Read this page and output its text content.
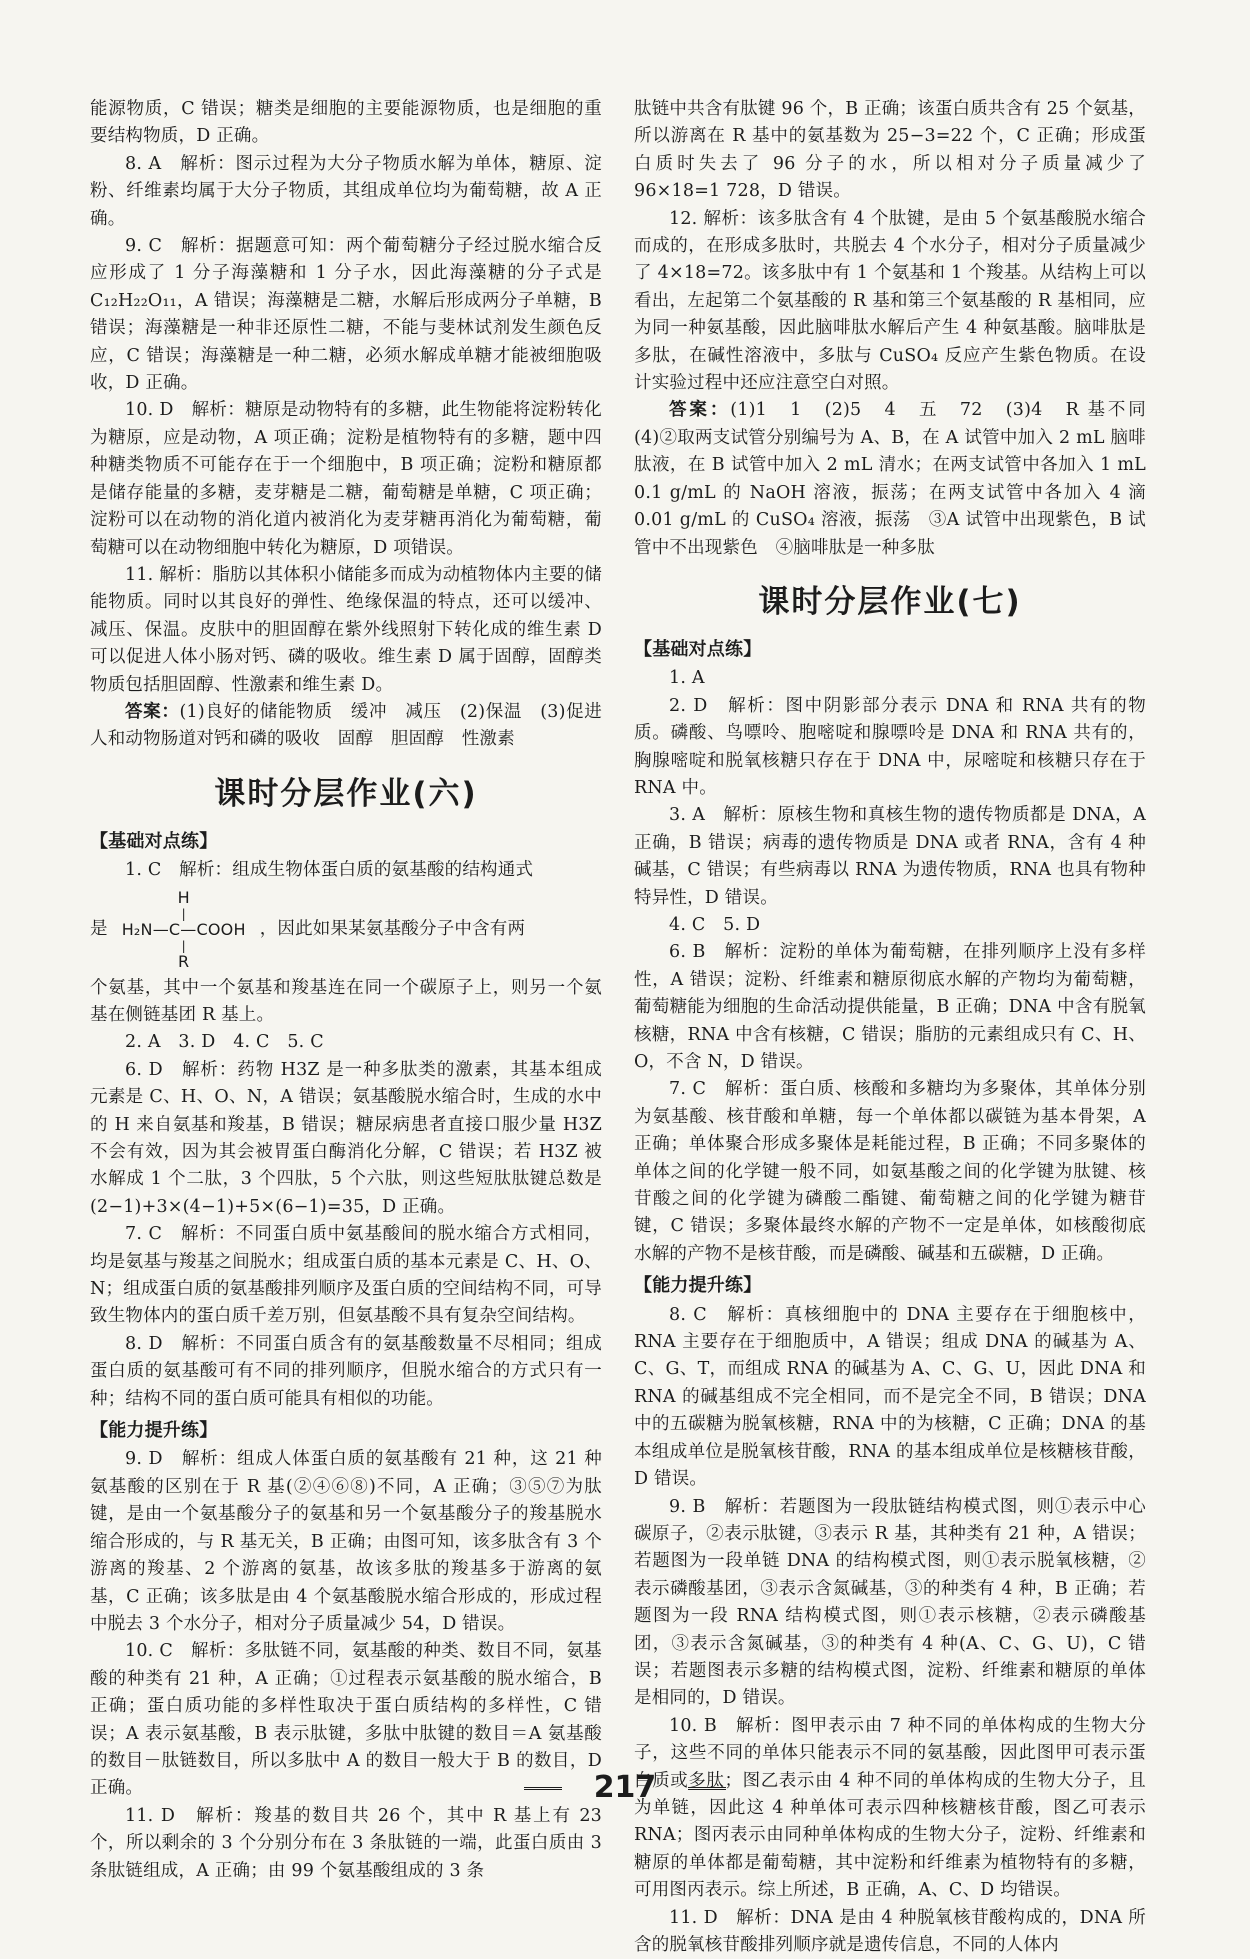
能源物质，C 错误；糖类是细胞的主要能源物质，也是细胞的重要结构物质，D 正确。

8. A　解析：图示过程为大分子物质水解为单体，糖原、淀粉、纤维素均属于大分子物质，其组成单位均为葡萄糖，故 A 正确。

9. C　解析：据题意可知：两个葡萄糖分子经过脱水缩合反应形成了 1 分子海藻糖和 1 分子水，因此海藻糖的分子式是 C₁₂H₂₂O₁₁，A 错误；海藻糖是二糖，水解后形成两分子单糖，B 错误；海藻糖是一种非还原性二糖，不能与斐林试剂发生颜色反应，C 错误；海藻糖是一种二糖，必须水解成单糖才能被细胞吸收，D 正确。

10. D　解析：糖原是动物特有的多糖，此生物能将淀粉转化为糖原，应是动物，A 项正确；淀粉是植物特有的多糖，题中四种糖类物质不可能存在于一个细胞中，B 项正确；淀粉和糖原都是储存能量的多糖，麦芽糖是二糖，葡萄糖是单糖，C 项正确；淀粉可以在动物的消化道内被消化为麦芽糖再消化为葡萄糖，葡萄糖可以在动物细胞中转化为糖原，D 项错误。

11. 解析：脂肪以其体积小储能多而成为动植物体内主要的储能物质。同时以其良好的弹性、绝缘保温的特点，还可以缓冲、减压、保温。皮肤中的胆固醇在紫外线照射下转化成的维生素 D 可以促进人体小肠对钙、磷的吸收。维生素 D 属于固醇，固醇类物质包括胆固醇、性激素和维生素 D。

答案：(1)良好的储能物质　缓冲　减压　(2)保温　(3)促进人和动物肠道对钙和磷的吸收　固醇　胆固醇　性激素

课时分层作业(六)
【基础对点练】

1. C　解析：组成生物体蛋白质的氨基酸的结构通式

是
H
|
H₂N—C—COOH
|
R
，因此如果某氨基酸分子中含有两

个氨基，其中一个氨基和羧基连在同一个碳原子上，则另一个氨基在侧链基团 R 基上。

2. A　3. D　4. C　5. C

6. D　解析：药物 H3Z 是一种多肽类的激素，其基本组成元素是 C、H、O、N，A 错误；氨基酸脱水缩合时，生成的水中的 H 来自氨基和羧基，B 错误；糖尿病患者直接口服少量 H3Z 不会有效，因为其会被胃蛋白酶消化分解，C 错误；若 H3Z 被水解成 1 个二肽，3 个四肽，5 个六肽，则这些短肽肽键总数是(2−1)+3×(4−1)+5×(6−1)=35，D 正确。

7. C　解析：不同蛋白质中氨基酸间的脱水缩合方式相同，均是氨基与羧基之间脱水；组成蛋白质的基本元素是 C、H、O、N；组成蛋白质的氨基酸排列顺序及蛋白质的空间结构不同，可导致生物体内的蛋白质千差万别，但氨基酸不具有复杂空间结构。

8. D　解析：不同蛋白质含有的氨基酸数量不尽相同；组成蛋白质的氨基酸可有不同的排列顺序，但脱水缩合的方式只有一种；结构不同的蛋白质可能具有相似的功能。

【能力提升练】

9. D　解析：组成人体蛋白质的氨基酸有 21 种，这 21 种氨基酸的区别在于 R 基(②④⑥⑧)不同，A 正确；③⑤⑦为肽键，是由一个氨基酸分子的氨基和另一个氨基酸分子的羧基脱水缩合形成的，与 R 基无关，B 正确；由图可知，该多肽含有 3 个游离的羧基、2 个游离的氨基，故该多肽的羧基多于游离的氨基，C 正确；该多肽是由 4 个氨基酸脱水缩合形成的，形成过程中脱去 3 个水分子，相对分子质量减少 54，D 错误。

10. C　解析：多肽链不同，氨基酸的种类、数目不同，氨基酸的种类有 21 种，A 正确；①过程表示氨基酸的脱水缩合，B 正确；蛋白质功能的多样性取决于蛋白质结构的多样性，C 错误；A 表示氨基酸，B 表示肽键，多肽中肽键的数目＝A 氨基酸的数目－肽链数目，所以多肽中 A 的数目一般大于 B 的数目，D 正确。

11. D　解析：羧基的数目共 26 个，其中 R 基上有 23 个，所以剩余的 3 个分别分布在 3 条肽链的一端，此蛋白质由 3 条肽链组成，A 正确；由 99 个氨基酸组成的 3 条

肽链中共含有肽键 96 个，B 正确；该蛋白质共含有 25 个氨基，所以游离在 R 基中的氨基数为 25−3=22 个，C 正确；形成蛋白质时失去了 96 分子的水，所以相对分子质量减少了 96×18=1 728，D 错误。

12. 解析：该多肽含有 4 个肽键，是由 5 个氨基酸脱水缩合而成的，在形成多肽时，共脱去 4 个水分子，相对分子质量减少了 4×18=72。该多肽中有 1 个氨基和 1 个羧基。从结构上可以看出，左起第二个氨基酸的 R 基和第三个氨基酸的 R 基相同，应为同一种氨基酸，因此脑啡肽水解后产生 4 种氨基酸。脑啡肽是多肽，在碱性溶液中，多肽与 CuSO₄ 反应产生紫色物质。在设计实验过程中还应注意空白对照。

答案：(1)1　1　(2)5　4　五　72　(3)4　R 基不同　(4)②取两支试管分别编号为 A、B，在 A 试管中加入 2 mL 脑啡肽液，在 B 试管中加入 2 mL 清水；在两支试管中各加入 1 mL 0.1 g/mL 的 NaOH 溶液，振荡；在两支试管中各加入 4 滴 0.01 g/mL 的 CuSO₄ 溶液，振荡　③A 试管中出现紫色，B 试管中不出现紫色　④脑啡肽是一种多肽

课时分层作业(七)
【基础对点练】

1. A

2. D　解析：图中阴影部分表示 DNA 和 RNA 共有的物质。磷酸、鸟嘌呤、胞嘧啶和腺嘌呤是 DNA 和 RNA 共有的，胸腺嘧啶和脱氧核糖只存在于 DNA 中，尿嘧啶和核糖只存在于 RNA 中。

3. A　解析：原核生物和真核生物的遗传物质都是 DNA，A 正确，B 错误；病毒的遗传物质是 DNA 或者 RNA，含有 4 种碱基，C 错误；有些病毒以 RNA 为遗传物质，RNA 也具有物种特异性，D 错误。

4. C　5. D

6. B　解析：淀粉的单体为葡萄糖，在排列顺序上没有多样性，A 错误；淀粉、纤维素和糖原彻底水解的产物均为葡萄糖，葡萄糖能为细胞的生命活动提供能量，B 正确；DNA 中含有脱氧核糖，RNA 中含有核糖，C 错误；脂肪的元素组成只有 C、H、O，不含 N，D 错误。

7. C　解析：蛋白质、核酸和多糖均为多聚体，其单体分别为氨基酸、核苷酸和单糖，每一个单体都以碳链为基本骨架，A 正确；单体聚合形成多聚体是耗能过程，B 正确；不同多聚体的单体之间的化学键一般不同，如氨基酸之间的化学键为肽键、核苷酸之间的化学键为磷酸二酯键、葡萄糖之间的化学键为糖苷键，C 错误；多聚体最终水解的产物不一定是单体，如核酸彻底水解的产物不是核苷酸，而是磷酸、碱基和五碳糖，D 正确。

【能力提升练】

8. C　解析：真核细胞中的 DNA 主要存在于细胞核中，RNA 主要存在于细胞质中，A 错误；组成 DNA 的碱基为 A、C、G、T，而组成 RNA 的碱基为 A、C、G、U，因此 DNA 和 RNA 的碱基组成不完全相同，而不是完全不同，B 错误；DNA 中的五碳糖为脱氧核糖，RNA 中的为核糖，C 正确；DNA 的基本组成单位是脱氧核苷酸，RNA 的基本组成单位是核糖核苷酸，D 错误。

9. B　解析：若题图为一段肽链结构模式图，则①表示中心碳原子，②表示肽键，③表示 R 基，其种类有 21 种，A 错误；若题图为一段单链 DNA 的结构模式图，则①表示脱氧核糖，②表示磷酸基团，③表示含氮碱基，③的种类有 4 种，B 正确；若题图为一段 RNA 结构模式图，则①表示核糖，②表示磷酸基团，③表示含氮碱基，③的种类有 4 种(A、C、G、U)，C 错误；若题图表示多糖的结构模式图，淀粉、纤维素和糖原的单体是相同的，D 错误。

10. B　解析：图甲表示由 7 种不同的单体构成的生物大分子，这些不同的单体只能表示不同的氨基酸，因此图甲可表示蛋白质或多肽；图乙表示由 4 种不同的单体构成的生物大分子，且为单链，因此这 4 种单体可表示四种核糖核苷酸，图乙可表示 RNA；图丙表示由同种单体构成的生物大分子，淀粉、纤维素和糖原的单体都是葡萄糖，其中淀粉和纤维素为植物特有的多糖，可用图丙表示。综上所述，B 正确，A、C、D 均错误。

11. D　解析：DNA 是由 4 种脱氧核苷酸构成的，DNA 所含的脱氧核苷酸排列顺序就是遗传信息，不同的人体内

217
